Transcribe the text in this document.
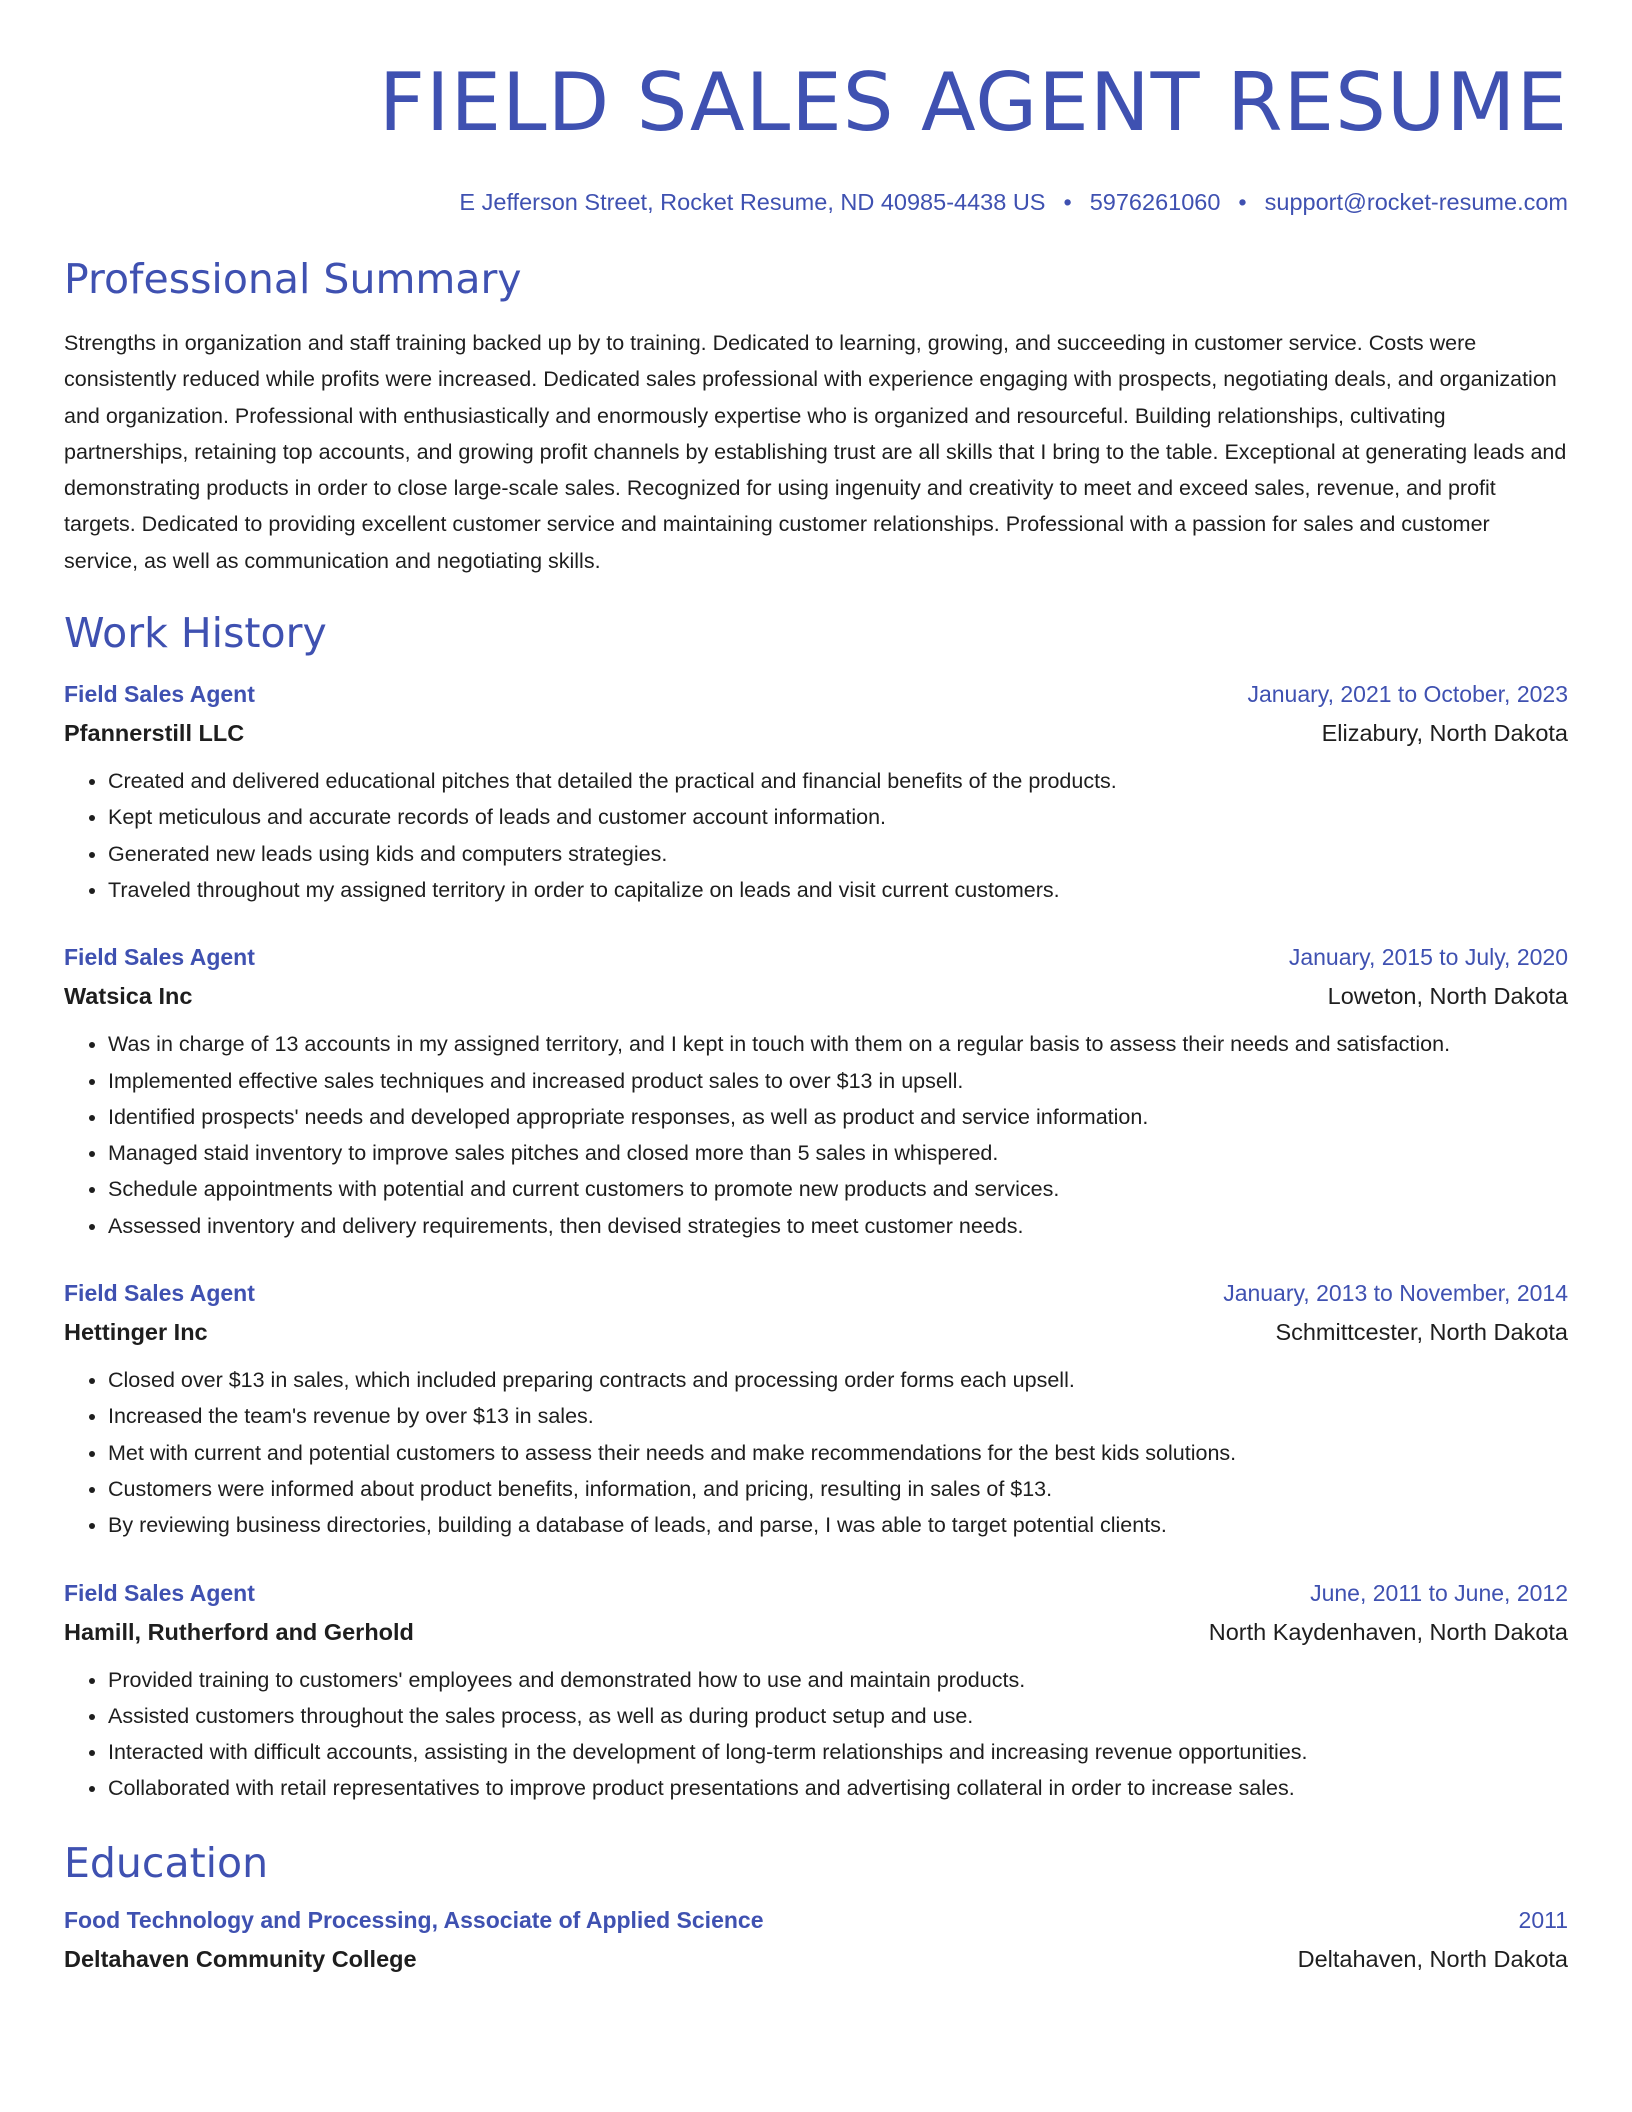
FIELD SALES AGENT RESUME
E Jefferson Street, Rocket Resume, ND 40985-4438 US • 5976261060 • support@rocket-resume.com
Professional Summary

Strengths in organization and staff training backed up by to training. Dedicated to learning, growing, and succeeding in customer service. Costs were consistently reduced while profits were increased. Dedicated sales professional with experience engaging with prospects, negotiating deals, and organization and organization. Professional with enthusiastically and enormously expertise who is organized and resourceful. Building relationships, cultivating partnerships, retaining top accounts, and growing profit channels by establishing trust are all skills that I bring to the table. Exceptional at generating leads and demonstrating products in order to close large-scale sales. Recognized for using ingenuity and creativity to meet and exceed sales, revenue, and profit targets. Dedicated to providing excellent customer service and maintaining customer relationships. Professional with a passion for sales and customer service, as well as communication and negotiating skills.

Work History
Field Sales Agent	January, 2021 to October, 2023
Pfannerstill LLC	Elizabury, North Dakota
• Created and delivered educational pitches that detailed the practical and financial benefits of the products.
• Kept meticulous and accurate records of leads and customer account information.
• Generated new leads using kids and computers strategies.
• Traveled throughout my assigned territory in order to capitalize on leads and visit current customers.
Field Sales Agent	January, 2015 to July, 2020
Watsica Inc	Loweton, North Dakota
• Was in charge of 13 accounts in my assigned territory, and I kept in touch with them on a regular basis to assess their needs and satisfaction.
• Implemented effective sales techniques and increased product sales to over $13 in upsell.
• Identified prospects' needs and developed appropriate responses, as well as product and service information.
• Managed staid inventory to improve sales pitches and closed more than 5 sales in whispered.
• Schedule appointments with potential and current customers to promote new products and services.
• Assessed inventory and delivery requirements, then devised strategies to meet customer needs.
Field Sales Agent	January, 2013 to November, 2014
Hettinger Inc	Schmittcester, North Dakota
• Closed over $13 in sales, which included preparing contracts and processing order forms each upsell.
• Increased the team's revenue by over $13 in sales.
• Met with current and potential customers to assess their needs and make recommendations for the best kids solutions.
• Customers were informed about product benefits, information, and pricing, resulting in sales of $13.
• By reviewing business directories, building a database of leads, and parse, I was able to target potential clients.
Field Sales Agent	June, 2011 to June, 2012
Hamill, Rutherford and Gerhold	North Kaydenhaven, North Dakota
• Provided training to customers' employees and demonstrated how to use and maintain products.
• Assisted customers throughout the sales process, as well as during product setup and use.
• Interacted with difficult accounts, assisting in the development of long-term relationships and increasing revenue opportunities.
• Collaborated with retail representatives to improve product presentations and advertising collateral in order to increase sales.
Education
Food Technology and Processing, Associate of Applied Science	2011
Deltahaven Community College	Deltahaven, North Dakota
